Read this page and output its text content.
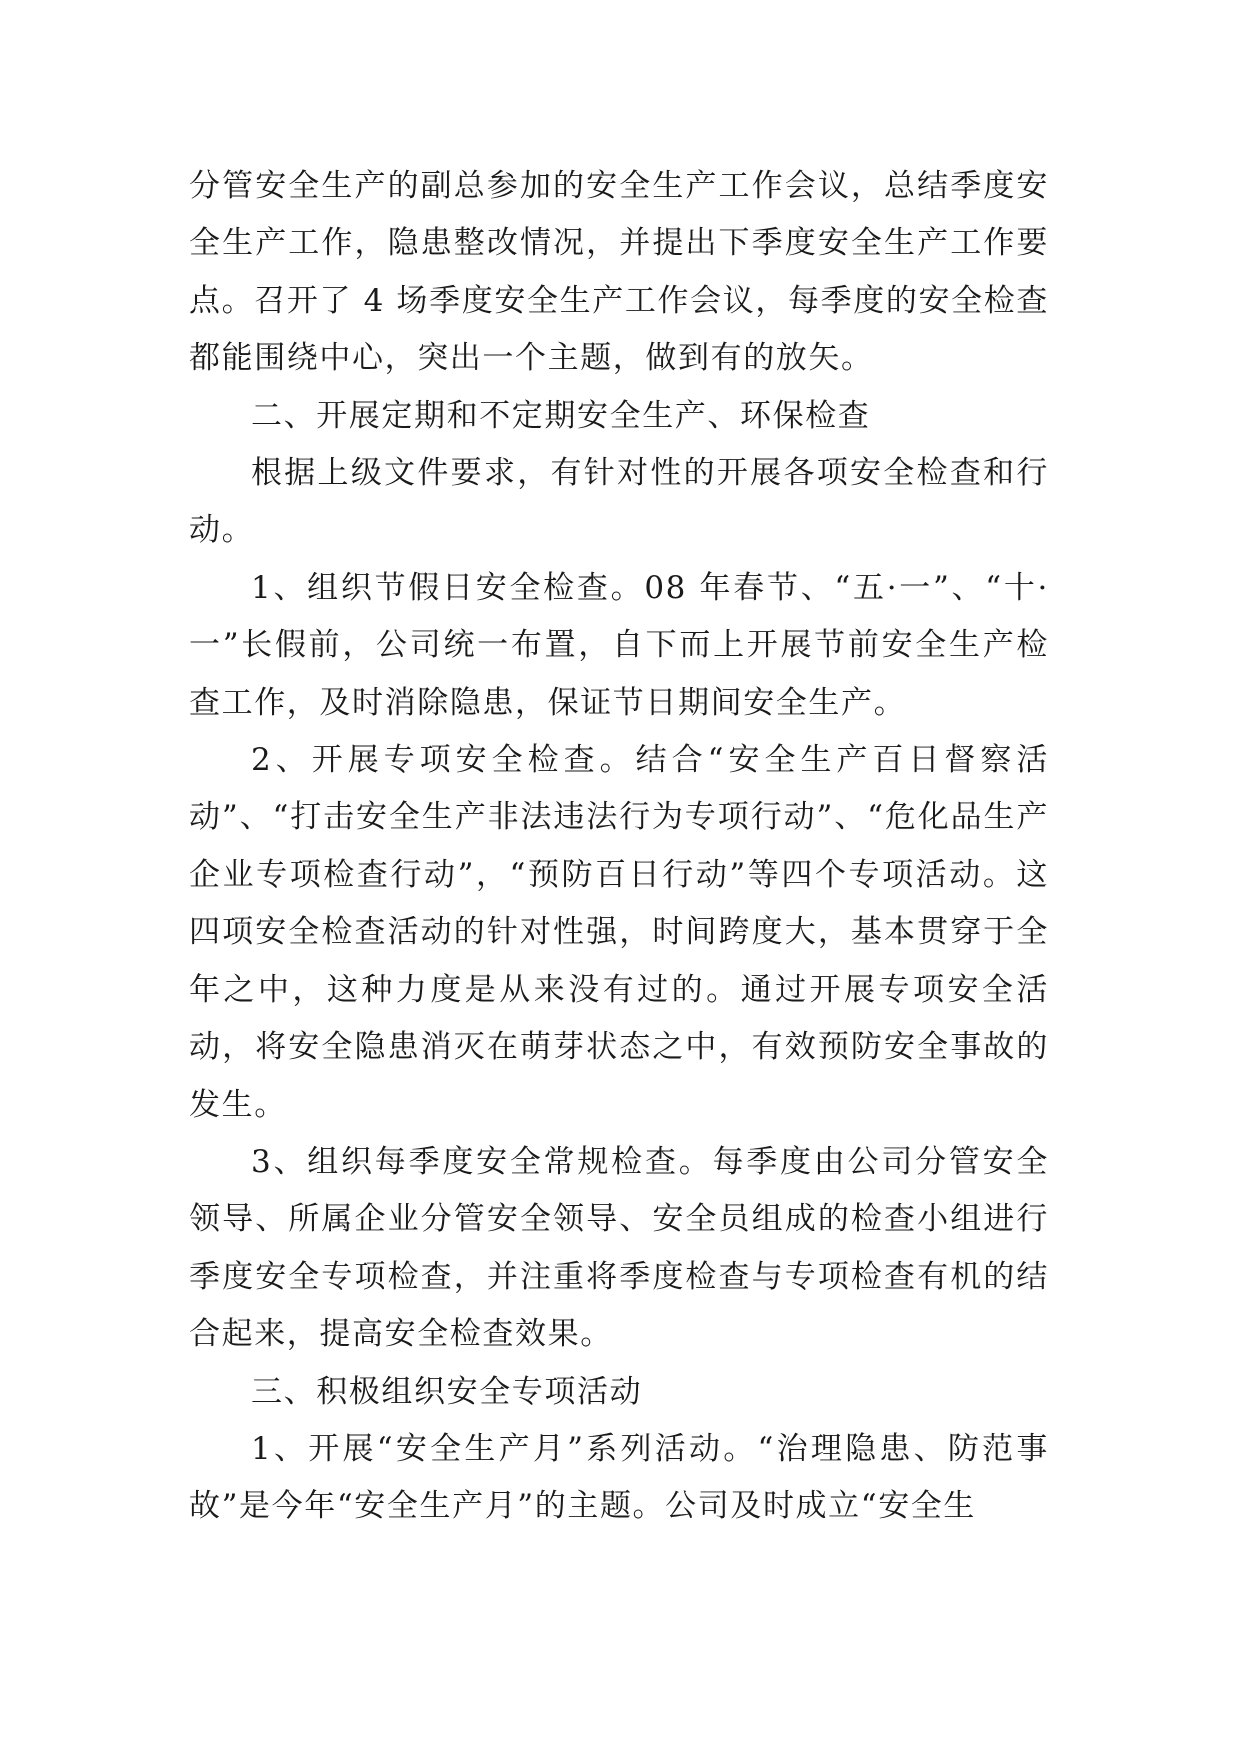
分管安全生产的副总参加的安全生产工作会议，总结季度安全生产工作，隐患整改情况，并提出下季度安全生产工作要点。召开了 4 场季度安全生产工作会议，每季度的安全检查都能围绕中心，突出一个主题，做到有的放矢。

二、开展定期和不定期安全生产、环保检查

根据上级文件要求，有针对性的开展各项安全检查和行动。

1、组织节假日安全检查。08 年春节、“五·一”、“十·一”长假前，公司统一布置，自下而上开展节前安全生产检查工作，及时消除隐患，保证节日期间安全生产。

2、开展专项安全检查。结合“安全生产百日督察活动”、“打击安全生产非法违法行为专项行动”、“危化品生产企业专项检查行动”，“预防百日行动”等四个专项活动。这四项安全检查活动的针对性强，时间跨度大，基本贯穿于全年之中，这种力度是从来没有过的。通过开展专项安全活动，将安全隐患消灭在萌芽状态之中，有效预防安全事故的发生。

3、组织每季度安全常规检查。每季度由公司分管安全领导、所属企业分管安全领导、安全员组成的检查小组进行季度安全专项检查，并注重将季度检查与专项检查有机的结合起来，提高安全检查效果。

三、积极组织安全专项活动

1、开展“安全生产月”系列活动。“治理隐患、防范事故”是今年“安全生产月”的主题。公司及时成立“安全生
